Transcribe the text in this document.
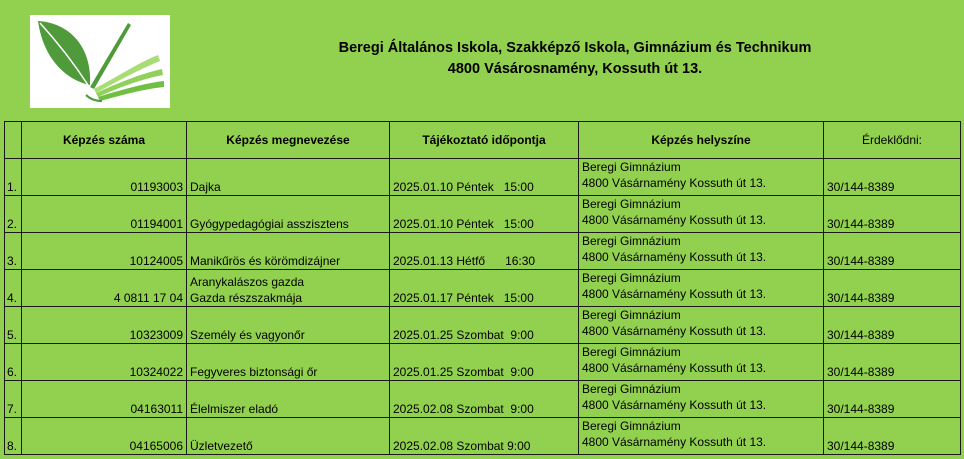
Beregi Általános Iskola, Szakképző Iskola, Gimnázium és Technikum
4800 Vásárosnamény, Kossuth út 13.
	Képzés száma	Képzés megnevezése	Tájékoztató időpontja	Képzés helyszíne	Érdeklődni:
1.	01193003	Dajka	2025.01.10 Péntek   15:00	Beregi Gimnázium
4800 Vásárnamény Kossuth út 13.	30/144-8389
2.	01194001	Gyógypedagógiai asszisztens	2025.01.10 Péntek   15:00	Beregi Gimnázium
4800 Vásárnamény Kossuth út 13.	30/144-8389
3.	10124005	Manikűrös és körömdizájner	2025.01.13 Hétfő      16:30	Beregi Gimnázium
4800 Vásárnamény Kossuth út 13.	30/144-8389
4.	4 0811 17 04	Aranykalászos gazda
Gazda részszakmája	2025.01.17 Péntek   15:00	Beregi Gimnázium
4800 Vásárnamény Kossuth út 13.	30/144-8389
5.	10323009	Személy és vagyonőr	2025.01.25 Szombat  9:00	Beregi Gimnázium
4800 Vásárnamény Kossuth út 13.	30/144-8389
6.	10324022	Fegyveres biztonsági őr	2025.01.25 Szombat  9:00	Beregi Gimnázium
4800 Vásárnamény Kossuth út 13.	30/144-8389
7.	04163011	Élelmiszer eladó	2025.02.08 Szombat  9:00	Beregi Gimnázium
4800 Vásárnamény Kossuth út 13.	30/144-8389
8.	04165006	Üzletvezető	2025.02.08 Szombat 9:00	Beregi Gimnázium
4800 Vásárnamény Kossuth út 13.	30/144-8389
